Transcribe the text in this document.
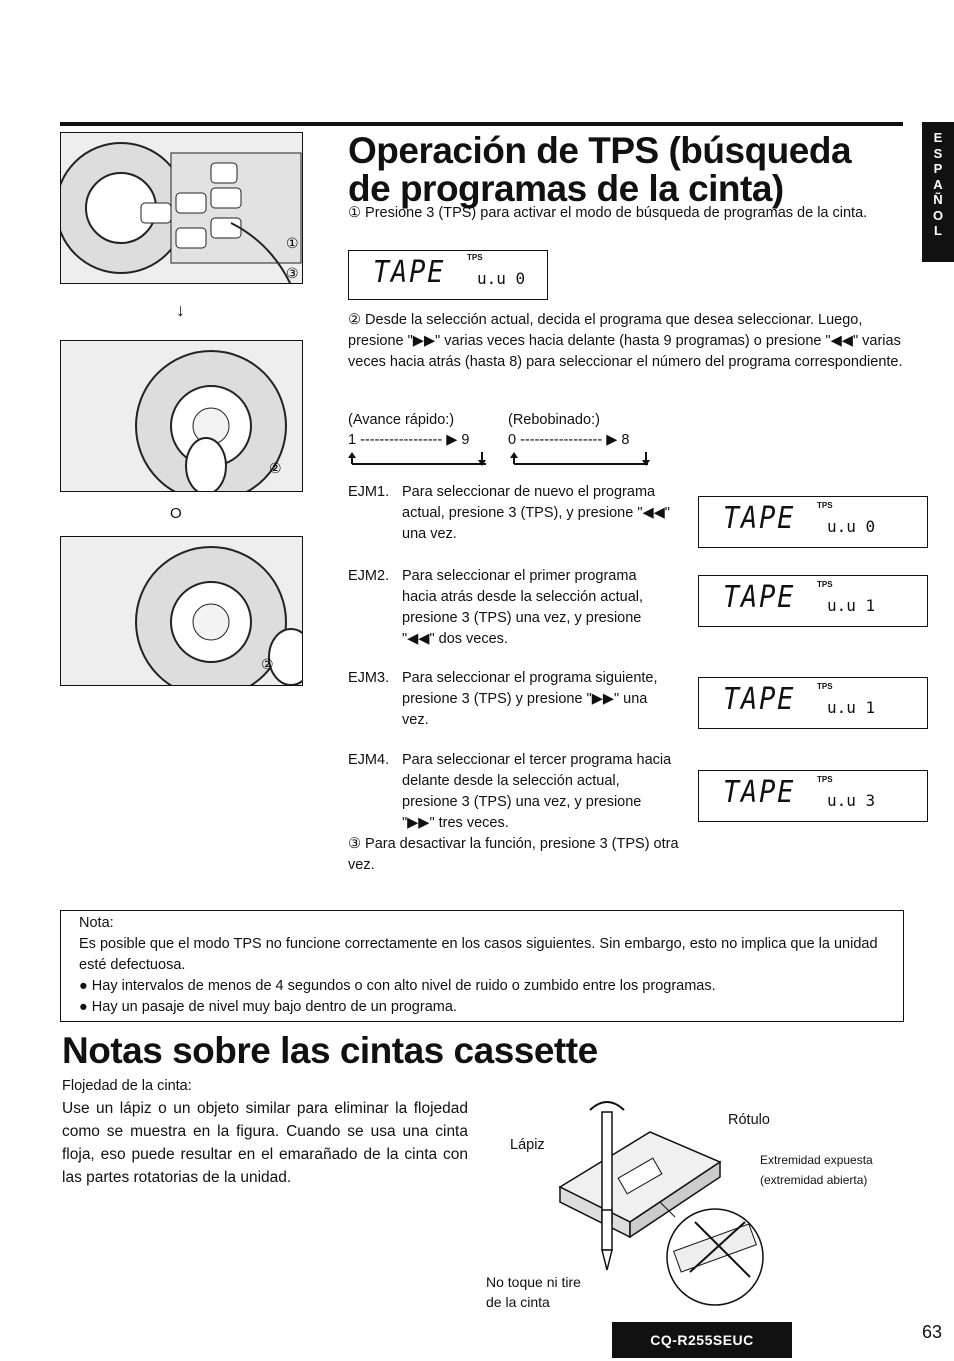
E
S
P
A
Ñ
O
L
①
③
↓
②
O
②
Operación de TPS (búsqueda
de programas de la cinta)
① Presione 3 (TPS) para activar el modo de búsqueda de programas de la cinta.
TAPE	TPS
u.u 0
② Desde la selección actual, decida el programa que desea seleccionar. Luego, presione "▶▶" varias veces hacia delante (hasta 9 programas) o presione "◀◀" varias veces hacia atrás (hasta 8) para seleccionar el número del programa correspondiente.
(Avance rápido:)	(Rebobinado:)
1 ----------------- ▶ 9	0 ----------------- ▶ 8
EJM1. Para seleccionar de nuevo el programa actual, presione 3 (TPS), y presione "◀◀" una vez.	TAPE	TPS
u.u 0
EJM2. Para seleccionar el primer programa hacia atrás desde la selección actual, presione 3 (TPS) una vez, y presione "◀◀" dos veces.
TAPE	TPS
u.u 1
EJM3. Para seleccionar el programa siguiente, presione 3 (TPS) y presione "▶▶" una vez.
TAPE	TPS
u.u 1
EJM4. Para seleccionar el tercer programa hacia delante desde la selección actual, presione 3 (TPS) una vez, y presione "▶▶" tres veces.
TAPE	TPS
u.u 3
③ Para desactivar la función, presione 3 (TPS) otra vez.
Nota:
Es posible que el modo TPS no funcione correctamente en los casos siguientes. Sin embargo, esto no implica que la unidad esté defectuosa.
● Hay intervalos de menos de 4 segundos o con alto nivel de ruido o zumbido entre los programas.
● Hay un pasaje de nivel muy bajo dentro de un programa.
Notas sobre las cintas cassette
Flojedad de la cinta:
Use un lápiz o un objeto similar para eliminar la flojedad como se muestra en la figura. Cuando se usa una cinta floja, eso puede resultar en el emarañado de la cinta con las partes rotatorias de la unidad.
Lápiz
Rótulo
Extremidad expuesta
(extremidad abierta)
No toque ni tire
de la cinta
CQ-R255SEUC	63
